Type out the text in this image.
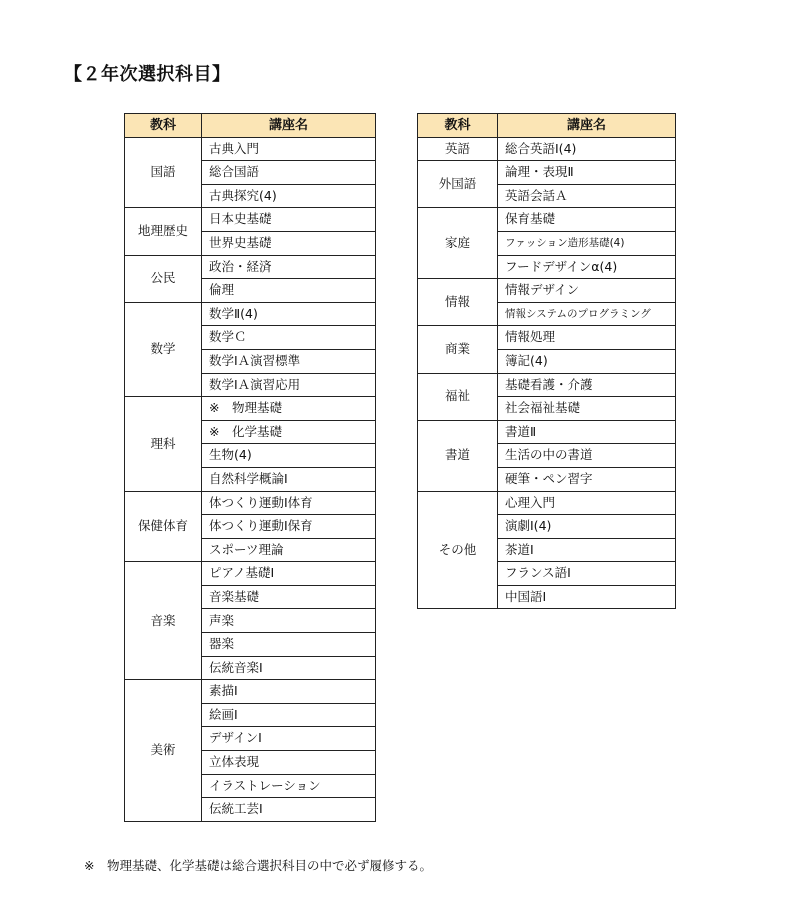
【２年次選択科目】
教科	講座名
国語	古典入門
	総合国語
	古典探究(4)
地理歴史	日本史基礎
	世界史基礎
公民	政治・経済
	倫理
数学	数学Ⅱ(4)
	数学Ｃ
	数学ⅠＡ演習標準
	数学ⅠＡ演習応用
理科	※　物理基礎
	※　化学基礎
	生物(4)
	自然科学概論Ⅰ
保健体育	体つくり運動Ⅰ体育
	体つくり運動Ⅰ保育
	スポーツ理論
音楽	ピアノ基礎Ⅰ
	音楽基礎
	声楽
	器楽
	伝統音楽Ⅰ
美術	素描Ⅰ
	絵画Ⅰ
	デザインⅠ
	立体表現
	イラストレーション
	伝統工芸Ⅰ
教科	講座名
英語	総合英語Ⅰ(4)
外国語	論理・表現Ⅱ
	英語会話Ａ
家庭	保育基礎
	ファッション造形基礎(4)
	フードデザインα(4)
情報	情報デザイン
	情報システムのプログラミング
商業	情報処理
	簿記(4)
福祉	基礎看護・介護
	社会福祉基礎
書道	書道Ⅱ
	生活の中の書道
	硬筆・ペン習字
その他	心理入門
	演劇Ⅰ(4)
	茶道Ⅰ
	フランス語Ⅰ
	中国語Ⅰ
※　物理基礎、化学基礎は総合選択科目の中で必ず履修する。
